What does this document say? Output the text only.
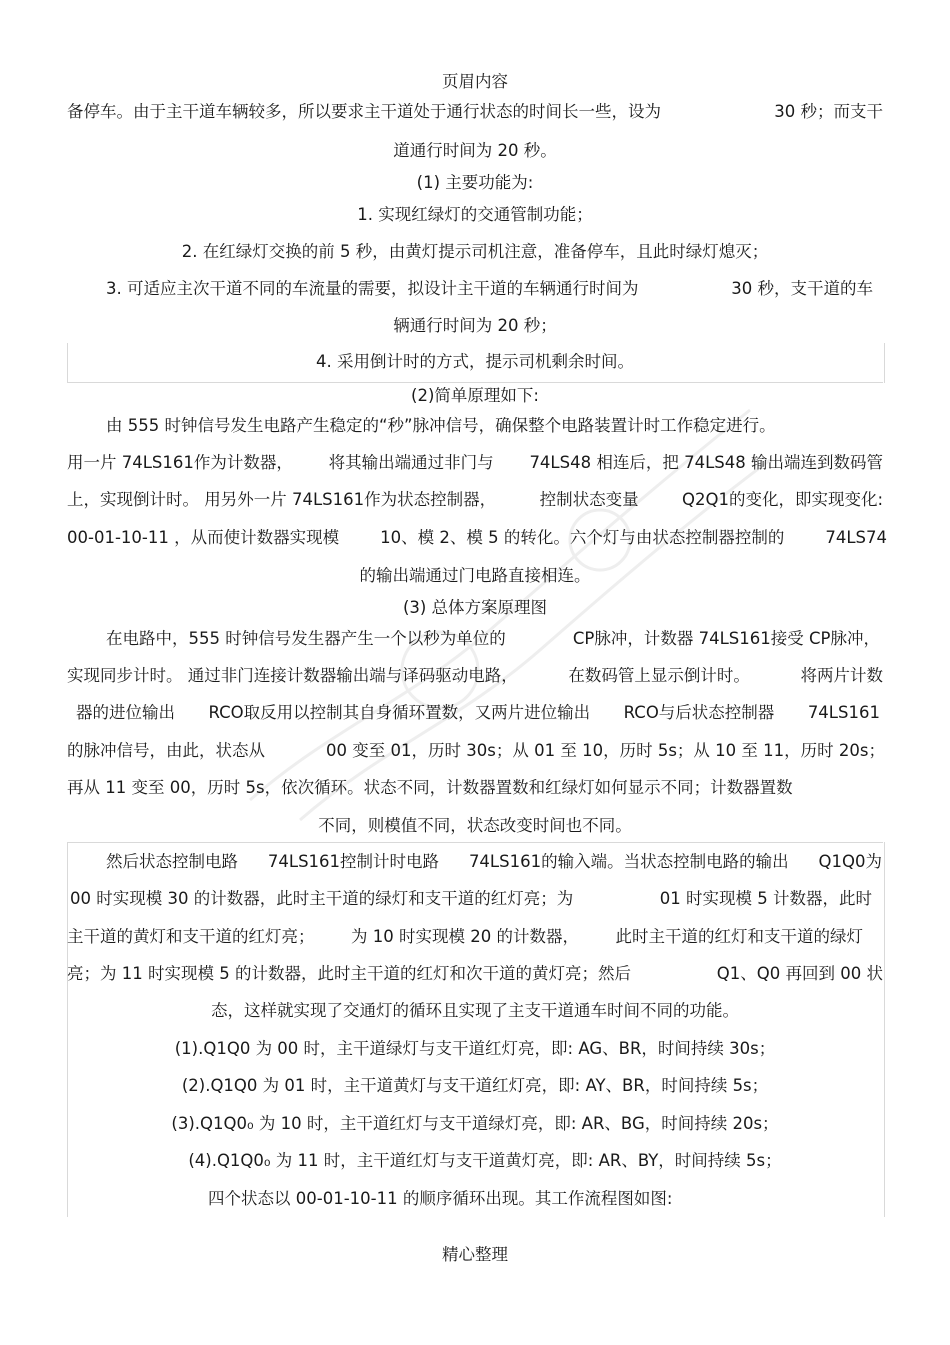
页眉内容
备停车。由于主干道车辆较多，所以要求主干道处于通行状态的时间长一些，设为	30 秒；而支干
道通行时间为 20 秒。
(1) 主要功能为:
1. 实现红绿灯的交通管制功能；
2. 在红绿灯交换的前 5 秒，由黄灯提示司机注意，准备停车，且此时绿灯熄灭；
3. 可适应主次干道不同的车流量的需要，拟设计主干道的车辆通行时间为	30 秒，支干道的车
辆通行时间为 20 秒；
4. 采用倒计时的方式，提示司机剩余时间。
(2)简单原理如下:
由 555 时钟信号发生电路产生稳定的“秒”脉冲信号，确保整个电路装置计时工作稳定进行。
用一片 74LS161作为计数器， 将其输出端通过非门与 74LS48 相连后，把 74LS48 输出端连到数码管
上，实现倒计时。 用另外一片 74LS161作为状态控制器，	控制状态变量	Q2Q1的变化，即实现变化:
00-01-10-11 ，从而使计数器实现模 10、模 2、模 5 的转化。六个灯与由状态控制器控制的 74LS74
的输出端通过门电路直接相连。
(3) 总体方案原理图
在电路中，555 时钟信号发生器产生一个以秒为单位的	CP脉冲，计数器 74LS161接受 CP脉冲，
实现同步计时。 通过非门连接计数器输出端与译码驱动电路，	在数码管上显示倒计时。	将两片计数
器的进位输出 RCO取反用以控制其自身循环置数，又两片进位输出 RCO与后状态控制器 74LS161
的脉冲信号，由此，状态从	00 变至 01，历时 30s；从 01 至 10，历时 5s；从 10 至 11，历时 20s；
再从 11 变至 00，历时 5s，依次循环。状态不同，计数器置数和红绿灯如何显示不同；计数器置数
不同，则模值不同，状态改变时间也不同。
然后状态控制电路 74LS161控制计时电路 74LS161的输入端。当状态控制电路的输出 Q1Q0为
00 时实现模 30 的计数器，此时主干道的绿灯和支干道的红灯亮；为	01 时实现模 5 计数器，此时
主干道的黄灯和支干道的红灯亮； 为 10 时实现模 20 的计数器， 此时主干道的红灯和支干道的绿灯
亮；为 11 时实现模 5 的计数器，此时主干道的红灯和次干道的黄灯亮；然后	Q1、Q0 再回到 00 状
态，这样就实现了交通灯的循环且实现了主支干道通车时间不同的功能。
(1).Q1Q0 为 00 时，主干道绿灯与支干道红灯亮，即: AG、BR，时间持续 30s；
(2).Q1Q0 为 01 时，主干道黄灯与支干道红灯亮，即: AY、BR，时间持续 5s；
(3).Q1Q0₀ 为 10 时，主干道红灯与支干道绿灯亮，即: AR、BG，时间持续 20s；
(4).Q1Q0₀ 为 11 时，主干道红灯与支干道黄灯亮，即: AR、BY，时间持续 5s；
四个状态以 00-01-10-11 的顺序循环出现。其工作流程图如图:
精心整理
